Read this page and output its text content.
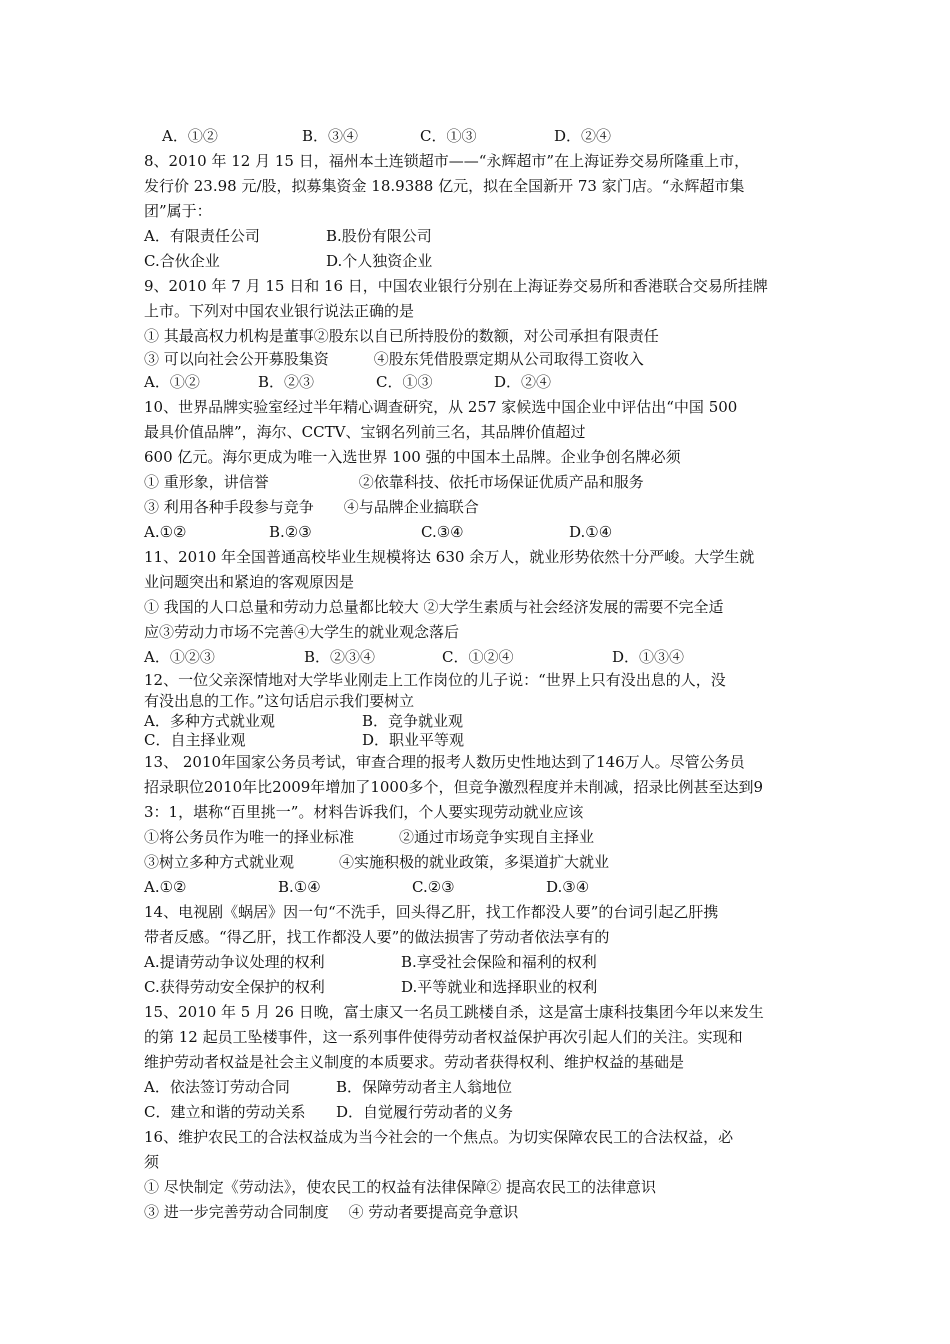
A．①②	B．③④	C．①③	D．②④
8、2010 年 12 月 15 日，福州本土连锁超市——“永辉超市”在上海证券交易所隆重上市，
发行价 23.98 元/股，拟募集资金 18.9388 亿元，拟在全国新开 73 家门店。“永辉超市集
团”属于：
A．有限责任公司	B.股份有限公司
C.合伙企业	D.个人独资企业
9、2010 年 7 月 15 日和 16 日，中国农业银行分别在上海证券交易所和香港联合交易所挂牌
上市。下列对中国农业银行说法正确的是
① 其最高权力机构是董事②股东以自已所持股份的数额，对公司承担有限责任
③ 可以向社会公开募股集资　　　④股东凭借股票定期从公司取得工资收入
A．①②	B．②③	C．①③	D．②④
10、世界品牌实验室经过半年精心调查研究，从 257 家候选中国企业中评估出“中国 500
最具价值品牌”，海尔、CCTV、宝钢名列前三名，其品牌价值超过
600 亿元。海尔更成为唯一入选世界 100 强的中国本土品牌。企业争创名牌必须
① 重形象，讲信誉　　　　　　②依靠科技、依托市场保证优质产品和服务
③ 利用各种手段参与竞争　　④与品牌企业搞联合
A.①②	B.②③	C.③④	D.①④
11、2010 年全国普通高校毕业生规模将达 630 余万人，就业形势依然十分严峻。大学生就
业问题突出和紧迫的客观原因是
① 我国的人口总量和劳动力总量都比较大 ②大学生素质与社会经济发展的需要不完全适
应③劳动力市场不完善④大学生的就业观念落后
A．①②③	B．②③④	C．①②④	D．①③④
12、一位父亲深情地对大学毕业刚走上工作岗位的儿子说：“世界上只有没出息的人，没
有没出息的工作。”这句话启示我们要树立
A．多种方式就业观	B．竞争就业观
C．自主择业观	D．职业平等观
13、 2010年国家公务员考试，审查合理的报考人数历史性地达到了146万人。尽管公务员
招录职位2010年比2009年增加了1000多个，但竞争激烈程度并未削减，招录比例甚至达到9
3：1，堪称“百里挑一”。材料告诉我们，个人要实现劳动就业应该
①将公务员作为唯一的择业标准　　　②通过市场竞争实现自主择业
③树立多种方式就业观　　　④实施积极的就业政策，多渠道扩大就业
A.①②	B.①④	C.②③	D.③④
14、电视剧《蜗居》因一句“不洗手，回头得乙肝，找工作都没人要”的台词引起乙肝携
带者反感。“得乙肝，找工作都没人要”的做法损害了劳动者依法享有的
A.提请劳动争议处理的权利	B.享受社会保险和福利的权利
C.获得劳动安全保护的权利	D.平等就业和选择职业的权利
15、2010 年 5 月 26 日晚，富士康又一名员工跳楼自杀，这是富士康科技集团今年以来发生
的第 12 起员工坠楼事件，这一系列事件使得劳动者权益保护再次引起人们的关注。实现和
维护劳动者权益是社会主义制度的本质要求。劳动者获得权利、维护权益的基础是
A．依法签订劳动合同	B．保障劳动者主人翁地位
C．建立和谐的劳动关系	D．自觉履行劳动者的义务
16、维护农民工的合法权益成为当今社会的一个焦点。为切实保障农民工的合法权益，必
须
① 尽快制定《劳动法》，使农民工的权益有法律保障② 提高农民工的法律意识
③ 进一步完善劳动合同制度　 ④ 劳动者要提高竞争意识
